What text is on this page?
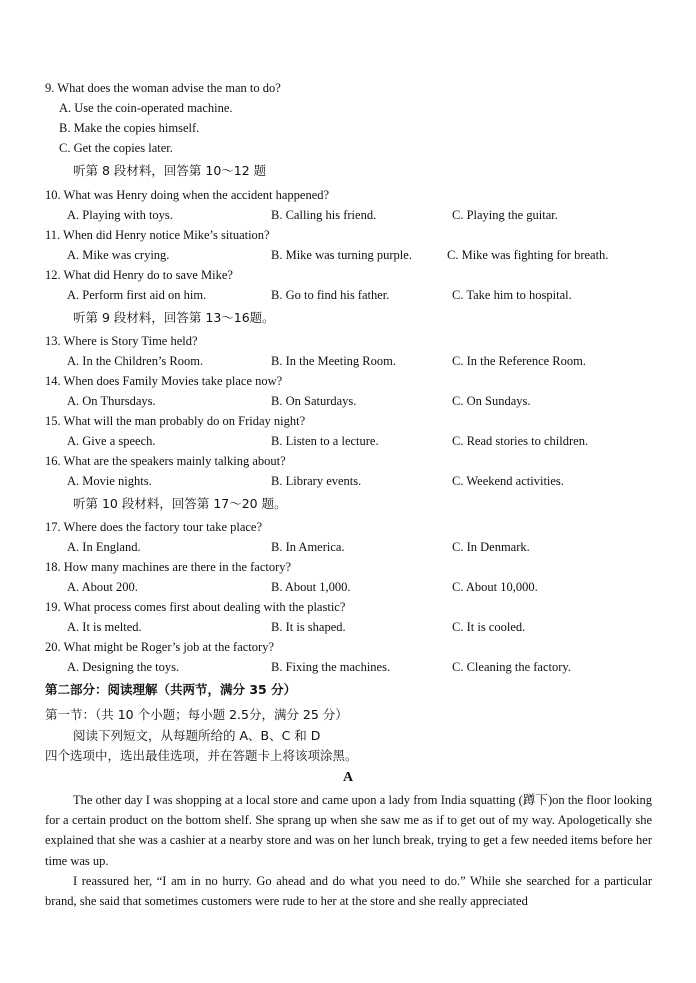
9. What does the woman advise the man to do?
A. Use the coin-operated machine.
B. Make the copies himself.
C. Get the copies later.
听第 8 段材料，回答第 10～12 题
10. What was Henry doing when the accident happened?
A. Playing with toys.	B. Calling his friend.	C. Playing the guitar.
11. When did Henry notice Mike’s situation?
A. Mike was crying.	B. Mike was turning purple.	C. Mike was fighting for breath.
12. What did Henry do to save Mike?
A. Perform first aid on him.	B. Go to find his father.	C. Take him to hospital.
听第 9 段材料，回答第 13～16题。
13. Where is Story Time held?
A. In the Children’s Room.	B. In the Meeting Room.	C. In the Reference Room.
14. When does Family Movies take place now?
A. On Thursdays.	B. On Saturdays.	C. On Sundays.
15. What will the man probably do on Friday night?
A. Give a speech.	B. Listen to a lecture.	C. Read stories to children.
16. What are the speakers mainly talking about?
A. Movie nights.	B. Library events.	C. Weekend activities.
听第 10 段材料，回答第 17～20 题。
17. Where does the factory tour take place?
A. In England.	B. In America.	C. In Denmark.
18. How many machines are there in the factory?
A. About 200.	B. About 1,000.	C. About 10,000.
19. What process comes first about dealing with the plastic?
A. It is melted.	B. It is shaped.	C. It is cooled.
20. What might be Roger’s job at the factory?
A. Designing the toys.	B. Fixing the machines.	C. Cleaning the factory.
第二部分：阅读理解（共两节，满分 35 分）
第一节：（共 10 个小题；每小题 2.5分，满分 25 分）
阅读下列短文，从每题所给的 A、B、C 和 D
四个选项中，选出最佳选项，并在答题卡上将该项涂黑。
A

The other day I was shopping at a local store and came upon a lady from India squatting (蹲下)on the floor looking for a certain product on the bottom shelf. She sprang up when she saw me as if to get out of my way. Apologetically she explained that she was a cashier at a nearby store and was on her lunch break, trying to get a few needed items before her time was up.

I reassured her, “I am in no hurry. Go ahead and do what you need to do.” While she searched for a particular brand, she said that sometimes customers were rude to her at the store and she really appreciated
